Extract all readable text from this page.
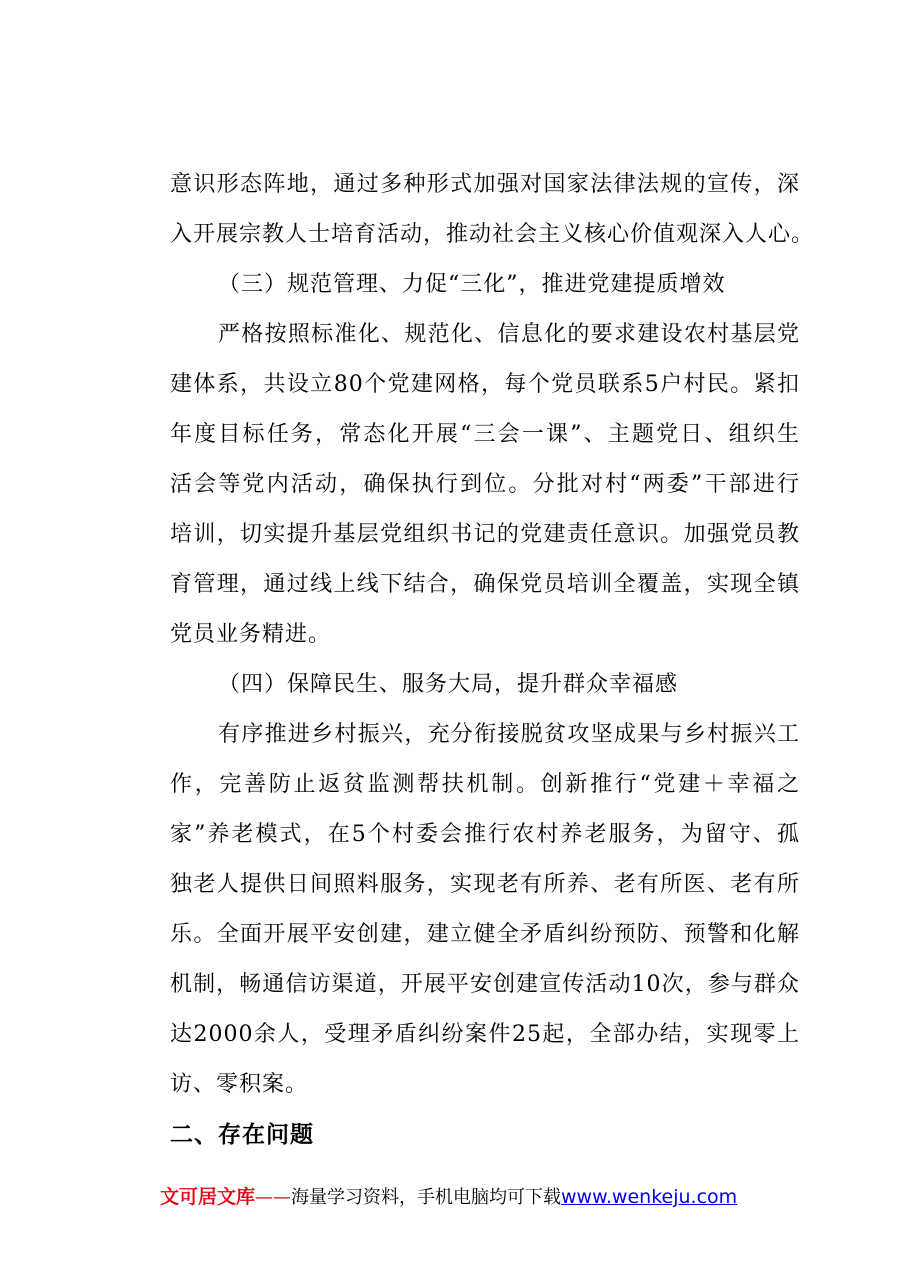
意识形态阵地，通过多种形式加强对国家法律法规的宣传，深
入开展宗教人士培育活动，推动社会主义核心价值观深入人心。
（三）规范管理、力促“三化”，推进党建提质增效
严格按照标准化、规范化、信息化的要求建设农村基层党
建体系，共设立80个党建网格，每个党员联系5户村民。紧扣
年度目标任务，常态化开展“三会一课”、主题党日、组织生
活会等党内活动，确保执行到位。分批对村“两委”干部进行
培训，切实提升基层党组织书记的党建责任意识。加强党员教
育管理，通过线上线下结合，确保党员培训全覆盖，实现全镇
党员业务精进。
（四）保障民生、服务大局，提升群众幸福感
有序推进乡村振兴，充分衔接脱贫攻坚成果与乡村振兴工
作，完善防止返贫监测帮扶机制。创新推行“党建＋幸福之
家”养老模式，在5个村委会推行农村养老服务，为留守、孤
独老人提供日间照料服务，实现老有所养、老有所医、老有所
乐。全面开展平安创建，建立健全矛盾纠纷预防、预警和化解
机制，畅通信访渠道，开展平安创建宣传活动10次，参与群众
达2000余人，受理矛盾纠纷案件25起，全部办结，实现零上
访、零积案。
二、存在问题
文可居文库——海量学习资料，手机电脑均可下载www.wenkeju.com
